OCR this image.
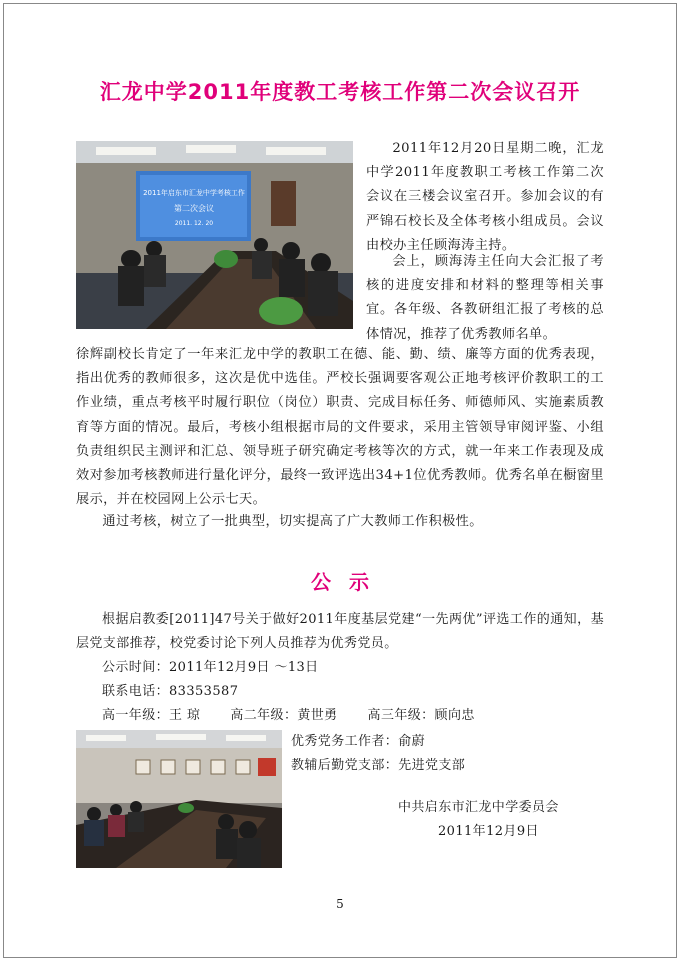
汇龙中学2011年度教工考核工作第二次会议召开
2011年启东市汇龙中学考核工作
第二次会议
2011. 12. 20

2011年12月20日星期二晚，汇龙中学2011年度教职工考核工作第二次会议在三楼会议室召开。参加会议的有严锦石校长及全体考核小组成员。会议由校办主任顾海涛主持。

会上，顾海涛主任向大会汇报了考核的进度安排和材料的整理等相关事宜。各年级、各教研组汇报了考核的总体情况，推荐了优秀教师名单。

徐辉副校长肯定了一年来汇龙中学的教职工在德、能、勤、绩、廉等方面的优秀表现，指出优秀的教师很多，这次是优中选佳。严校长强调要客观公正地考核评价教职工的工作业绩，重点考核平时履行职位（岗位）职责、完成目标任务、师德师风、实施素质教育等方面的情况。最后，考核小组根据市局的文件要求，采用主管领导审阅评鉴、小组负责组织民主测评和汇总、领导班子研究确定考核等次的方式，就一年来工作表现及成效对参加考核教师进行量化评分，最终一致评选出34+1位优秀教师。优秀名单在橱窗里展示，并在校园网上公示七天。

通过考核，树立了一批典型，切实提高了广大教师工作积极性。

公示

根据启教委[2011]47号关于做好2011年度基层党建“一先两优”评选工作的通知，基层党支部推荐，校党委讨论下列人员推荐为优秀党员。

公示时间：2011年12月9日 ～13日
联系电话：83353587
高一年级：王 琼 高二年级：黄世勇 高三年级：顾向忠
优秀党务工作者：俞蔚
教辅后勤党支部：先进党支部
中共启东市汇龙中学委员会
2011年12月9日
5
